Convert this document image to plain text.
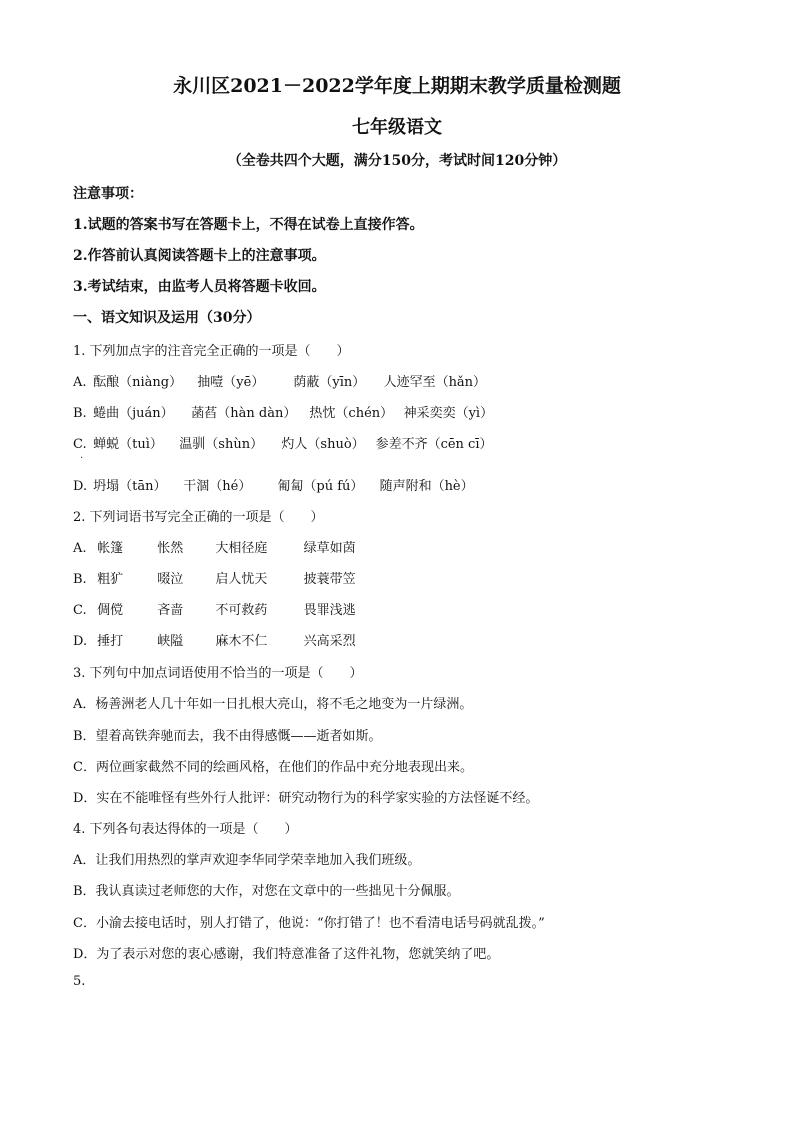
永川区2021－2022学年度上期期末教学质量检测题
七年级语文
（全卷共四个大题，满分150分，考试时间120分钟）
注意事项：
1.试题的答案书写在答题卡上，不得在试卷上直接作答。
2.作答前认真阅读答题卡上的注意事项。
3.考试结束，由监考人员将答题卡收回。
一、语文知识及运用（30分）
1. 下列加点字的注音完全正确的一项是（　　）
A. 酝酿（niàng） 抽噎（yē） 荫蔽（yīn） 人迹罕至（hǎn）
B. 蜷曲（juán） 菡萏（hàn dàn） 热忱（chén） 神采奕奕（yì）
C. 蝉蜕（tuì） 温驯（shùn） 灼人（shuò） 参差不齐（cēn cī）
·
D. 坍塌（tān） 干涸（hé） 匍匐（pú fú） 随声附和（hè）
2. 下列词语书写完全正确的一项是（　　）
A. 帐篷	怅然 大相径庭	绿草如茵
B. 粗犷	啜泣 启人忧天	披蓑带笠
C. 倜傥	吝啬 不可救药	畏罪浅逃
D. 捶打	峡隘 麻木不仁	兴高采烈
3. 下列句中加点词语使用不恰当的一项是（　　）
A．杨善洲老人几十年如一日扎根大亮山，将不毛之地变为一片绿洲。
B．望着高铁奔驰而去，我不由得感慨——逝者如斯。
C．两位画家截然不同的绘画风格，在他们的作品中充分地表现出来。
D．实在不能唯怪有些外行人批评：研究动物行为的科学家实验的方法怪诞不经。
4. 下列各句表达得体的一项是（　　）
A．让我们用热烈的掌声欢迎李华同学荣幸地加入我们班级。
B．我认真读过老师您的大作，对您在文章中的一些拙见十分佩服。
C．小渝去接电话时，别人打错了，他说：“你打错了！也不看清电话号码就乱拨。”
D．为了表示对您的衷心感谢，我们特意准备了这件礼物，您就笑纳了吧。
5.
